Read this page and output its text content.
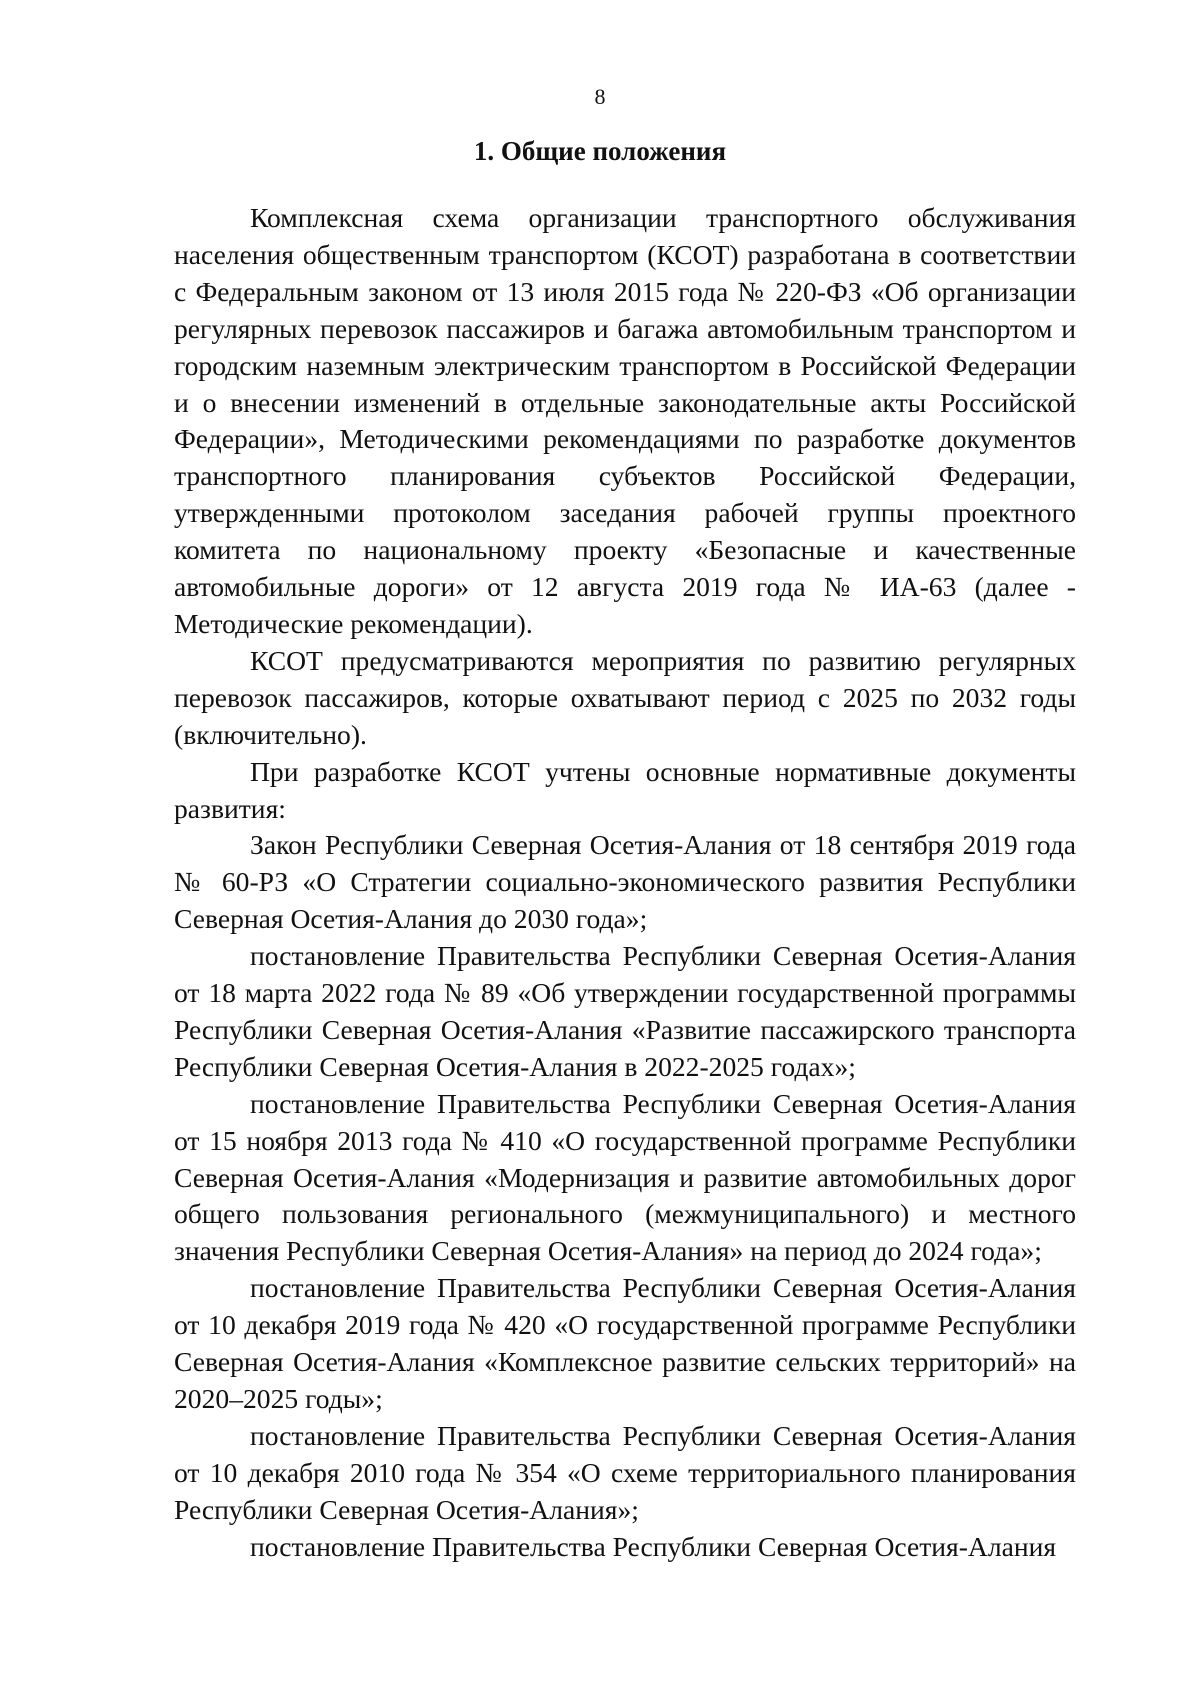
8
1. Общие положения

Комплексная схема организации транспортного обслуживания населения общественным транспортом (КСОТ) разработана в соответствии с Федеральным законом от 13 июля 2015 года № 220-ФЗ «Об организации регулярных перевозок пассажиров и багажа автомобильным транспортом и городским наземным электрическим транспортом в Российской Федерации и о внесении изменений в отдельные законодательные акты Российской Федерации», Методическими рекомендациями по разработке документов транспортного планирования субъектов Российской Федерации, утвержденными протоколом заседания рабочей группы проектного комитета по национальному проекту «Безопасные и качественные автомобильные дороги» от 12 августа 2019 года № ИА-63 (далее - Методические рекомендации).

КСОТ предусматриваются мероприятия по развитию регулярных перевозок пассажиров, которые охватывают период с 2025 по 2032 годы (включительно).

При разработке КСОТ учтены основные нормативные документы развития:

Закон Республики Северная Осетия-Алания от 18 сентября 2019 года № 60-РЗ «О Стратегии социально-экономического развития Республики Северная Осетия-Алания до 2030 года»;

постановление Правительства Республики Северная Осетия-Алания от 18 марта 2022 года № 89 «Об утверждении государственной программы Республики Северная Осетия-Алания «Развитие пассажирского транспорта Республики Северная Осетия-Алания в 2022-2025 годах»;

постановление Правительства Республики Северная Осетия-Алания от 15 ноября 2013 года № 410 «О государственной программе Республики Северная Осетия-Алания «Модернизация и развитие автомобильных дорог общего пользования регионального (межмуниципального) и местного значения Республики Северная Осетия-Алания» на период до 2024 года»;

постановление Правительства Республики Северная Осетия-Алания от 10 декабря 2019 года № 420 «О государственной программе Республики Северная Осетия-Алания «Комплексное развитие сельских территорий» на 2020–2025 годы»;

постановление Правительства Республики Северная Осетия-Алания от 10 декабря 2010 года № 354 «О схеме территориального планирования Республики Северная Осетия-Алания»;

постановление Правительства Республики Северная Осетия-Алания
